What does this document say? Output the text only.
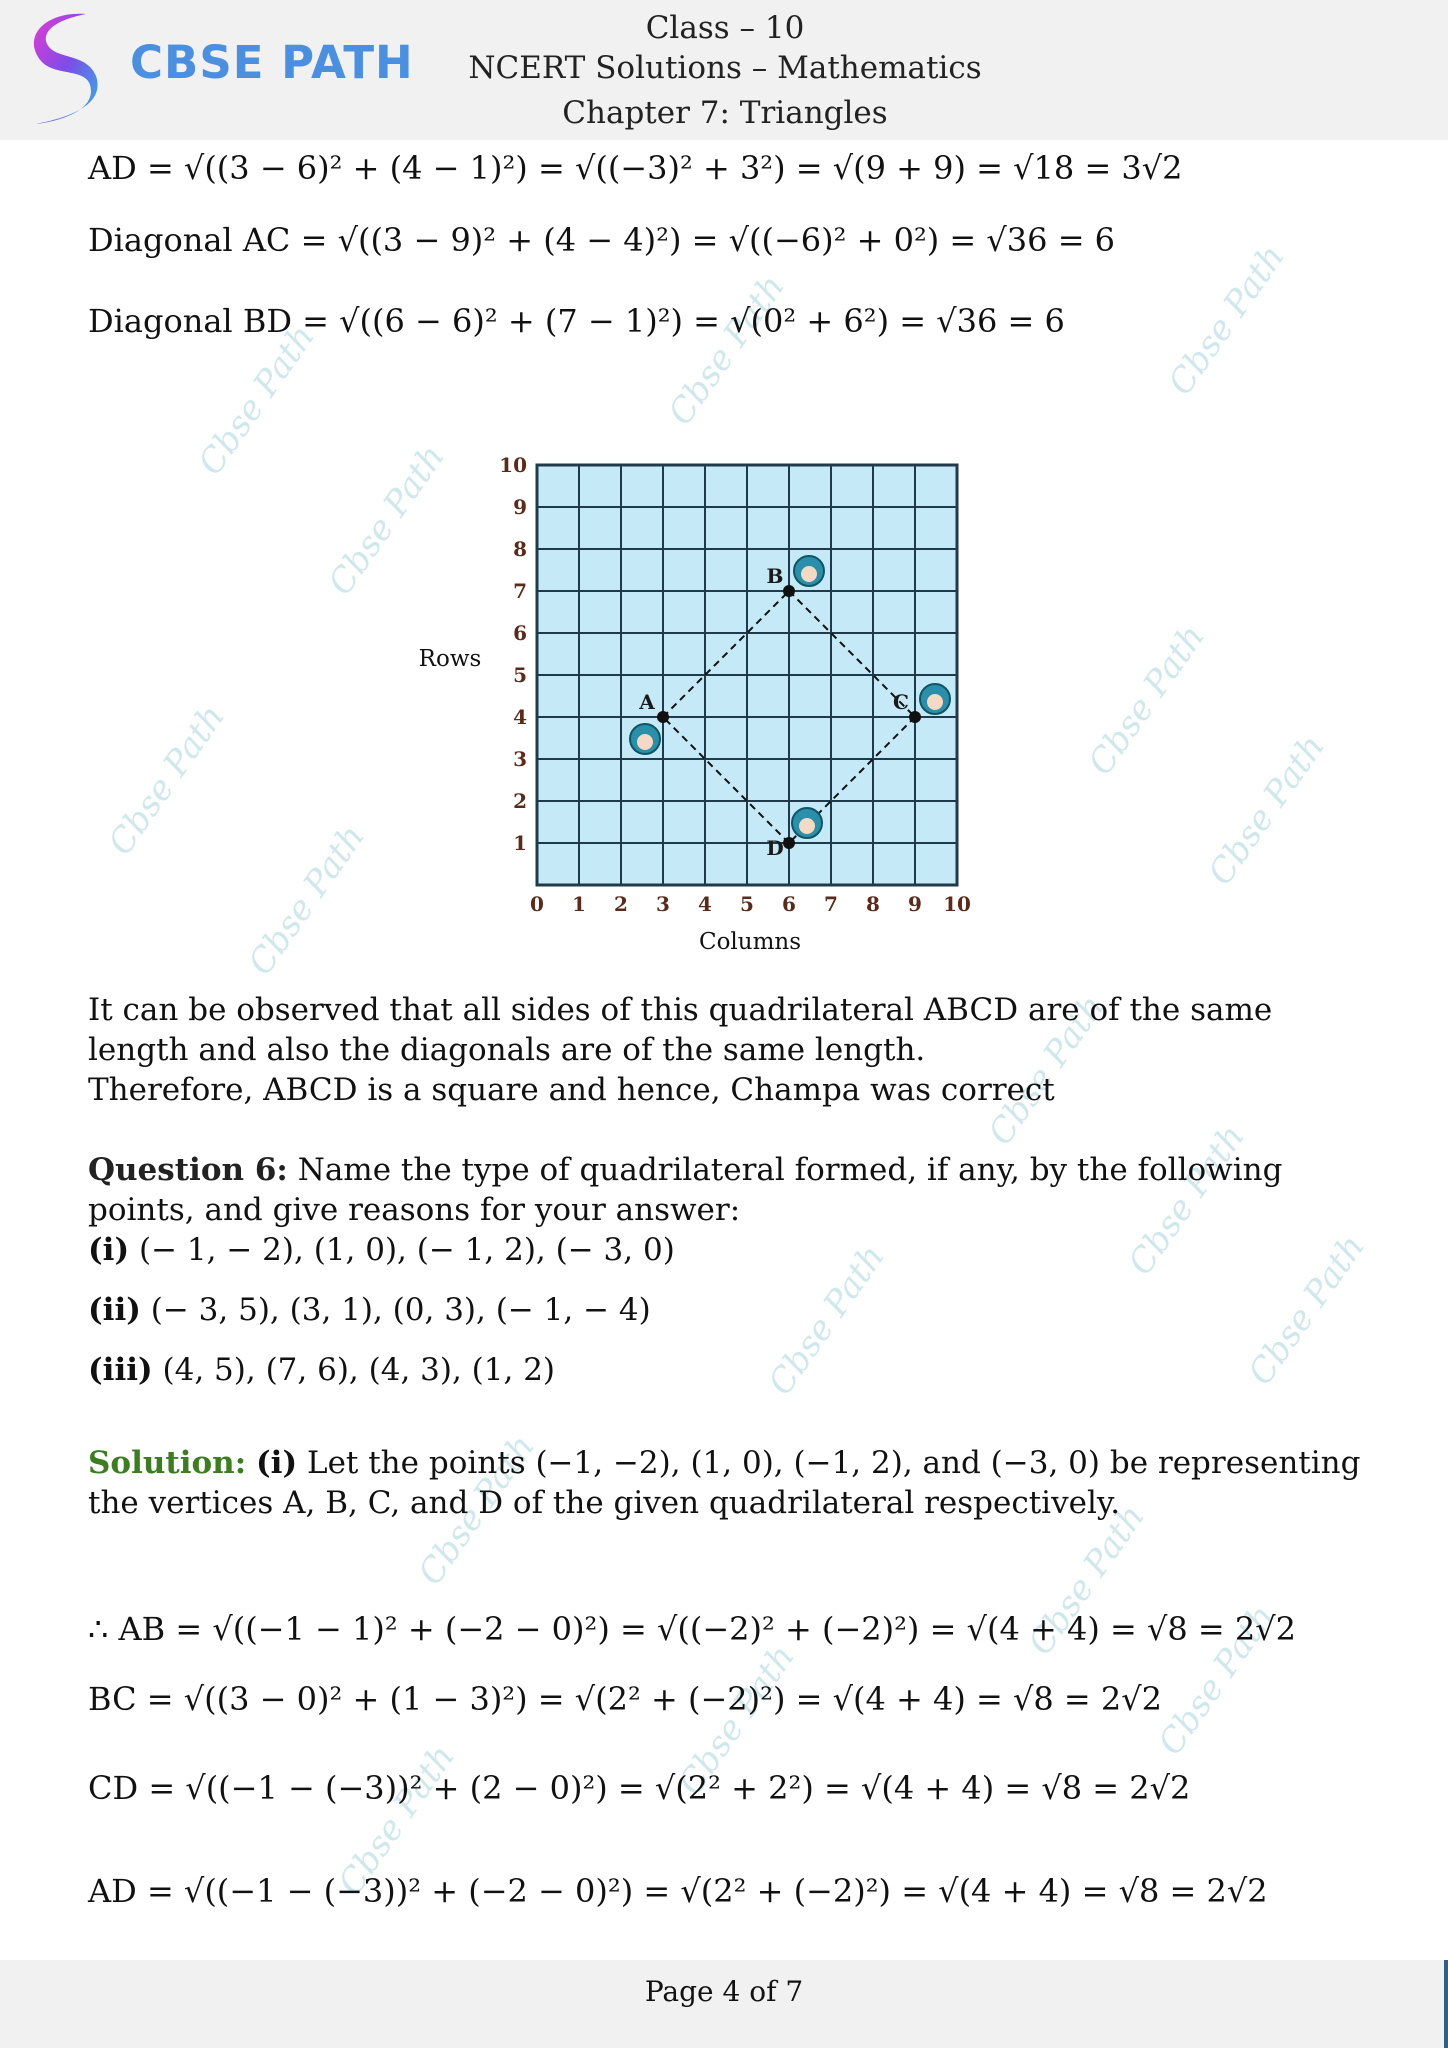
CBSE PATH
Class – 10
NCERT Solutions – Mathematics
Chapter 7: Triangles
Cbse Path	Cbse Path	Cbse Path
Cbse Path
Cbse Path
Cbse Path	Cbse Path
Cbse Path
Cbse Path
Cbse Path
Cbse Path	Cbse Path
Cbse Path	Cbse Path
Cbse Path
Cbse Path
Cbse Path
AD = √((3 − 6)² + (4 − 1)²) = √((−3)² + 3²) = √(9 + 9) = √18 = 3√2
Diagonal AC = √((3 − 9)² + (4 − 4)²) = √((−6)² + 0²) = √36 = 6
Diagonal BD = √((6 − 6)² + (7 − 1)²) = √(0² + 6²) = √36 = 6
A
B
C
D
0 1 2 3 4 5 6 7 8 9 10
1
2
3
4
5
6
7
8
9
10
Columns
Rows

It can be observed that all sides of this quadrilateral ABCD are of the same length and also the diagonals are of the same length.

Therefore, ABCD is a square and hence, Champa was correct

Question 6: Name the type of quadrilateral formed, if any, by the following points, and give reasons for your answer:

(i) (− 1, − 2), (1, 0), (− 1, 2), (− 3, 0)
(ii) (− 3, 5), (3, 1), (0, 3), (− 1, − 4)
(iii) (4, 5), (7, 6), (4, 3), (1, 2)

Solution: (i) Let the points (−1, −2), (1, 0), (−1, 2), and (−3, 0) be representing the vertices A, B, C, and D of the given quadrilateral respectively.

∴ AB = √((−1 − 1)² + (−2 − 0)²) = √((−2)² + (−2)²) = √(4 + 4) = √8 = 2√2
BC = √((3 − 0)² + (1 − 3)²) = √(2² + (−2)²) = √(4 + 4) = √8 = 2√2
CD = √((−1 − (−3))² + (2 − 0)²) = √(2² + 2²) = √(4 + 4) = √8 = 2√2
AD = √((−1 − (−3))² + (−2 − 0)²) = √(2² + (−2)²) = √(4 + 4) = √8 = 2√2
Page 4 of 7
